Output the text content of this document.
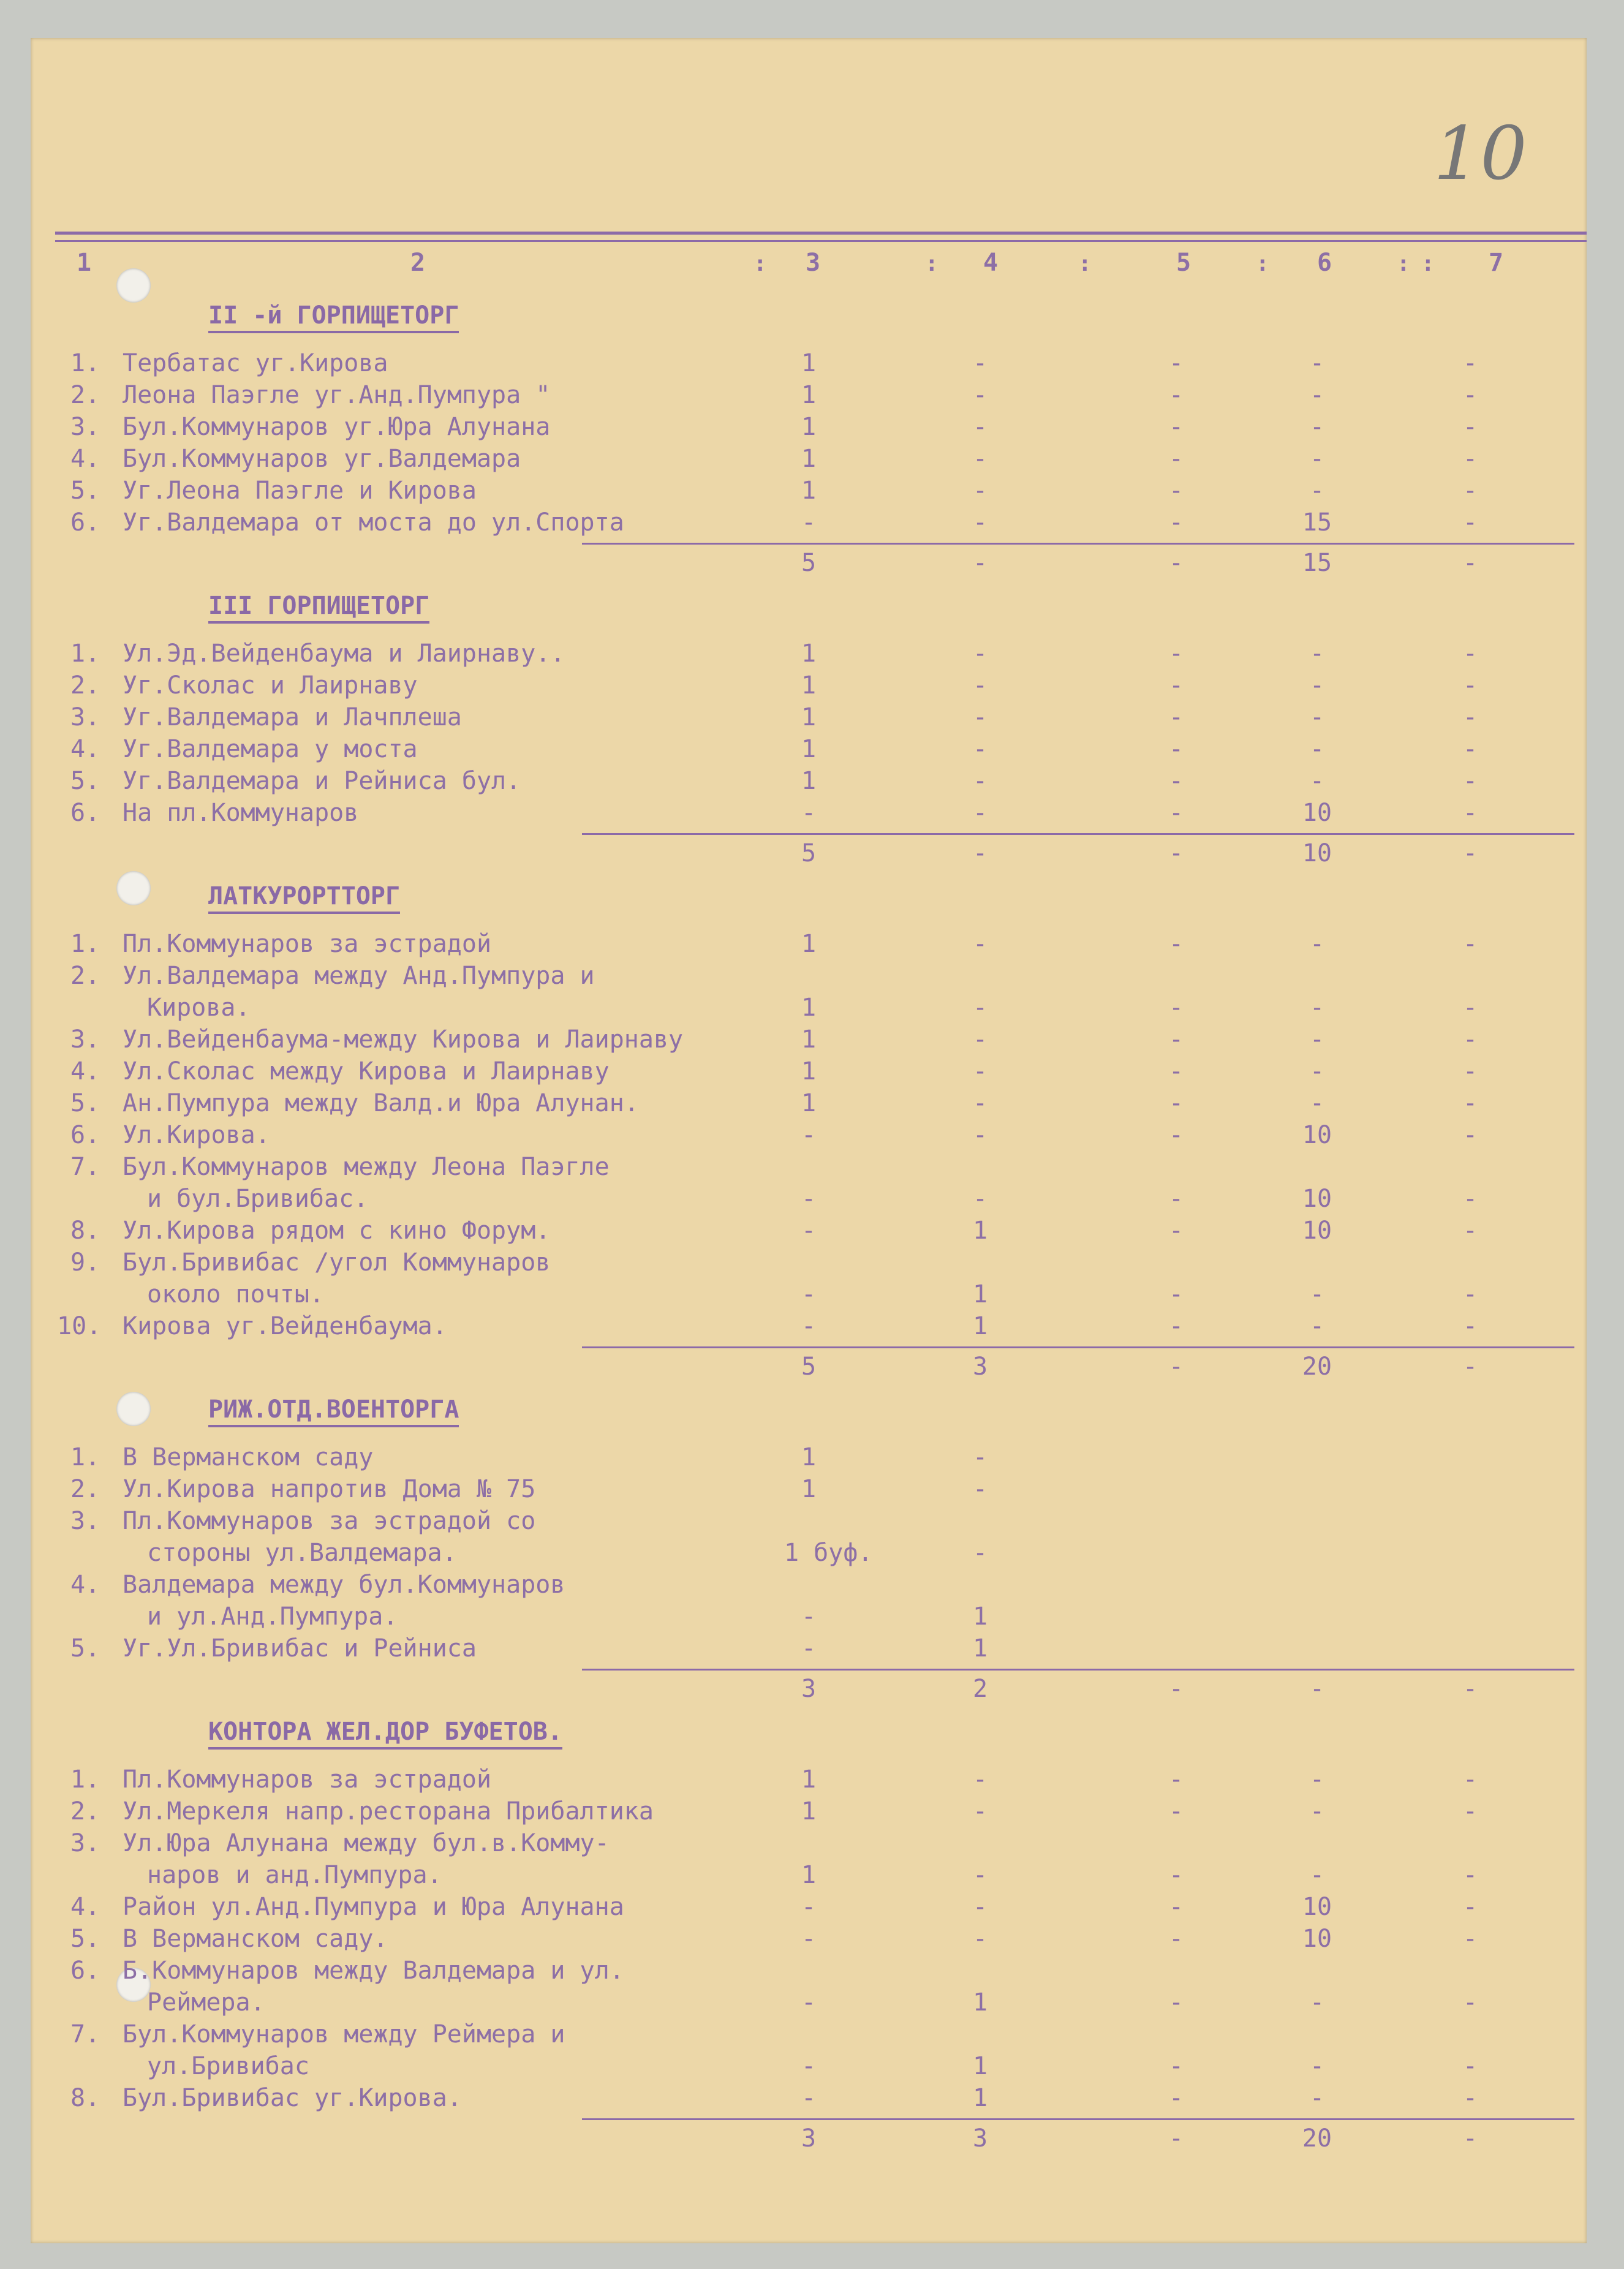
10
1	2	3	4	5	6	7
:	:	:	:	: :
II -й ГОРПИЩЕТОРГ
1. Тербатас уг.Кирова	1	-	-	-	-
2. Леона Паэгле уг.Анд.Пумпура "	1	-	-	-	-
3. Бул.Коммунаров уг.Юра Алунана	1	-	-	-	-
4. Бул.Коммунаров уг.Валдемара	1	-	-	-	-
5. Уг.Леона Паэгле и Кирова	1	-	-	-	-
6. Уг.Валдемара от моста до ул.Спорта	-	-	-	15	-
5	-	-	15	-
III ГОРПИЩЕТОРГ
1. Ул.Эд.Вейденбаума и Лаирнаву..	1	-	-	-	-
2. Уг.Сколас и Лаирнаву	1	-	-	-	-
3. Уг.Валдемара и Лачплеша	1	-	-	-	-
4. Уг.Валдемара у моста	1	-	-	-	-
5. Уг.Валдемара и Рейниса бул.	1	-	-	-	-
6. На пл.Коммунаров	-	-	-	10	-
5	-	-	10	-
ЛАТКУРОРТТОРГ
1. Пл.Коммунаров за эстрадой	1	-	-	-	-
2. Ул.Валдемара между Анд.Пумпура и
Кирова.	1	-	-	-	-
3. Ул.Вейденбаума-между Кирова и Лаирнаву	1	-	-	-	-
4. Ул.Сколас между Кирова и Лаирнаву	1	-	-	-	-
5. Ан.Пумпура между Валд.и Юра Алунан.	1	-	-	-	-
6. Ул.Кирова.	-	-	-	10	-
7. Бул.Коммунаров между Леона Паэгле
и бул.Бривибас.	-	-	-	10	-
8. Ул.Кирова рядом с кино Форум.	-	1	-	10	-
9. Бул.Бривибас /угол Коммунаров
около почты.	-	1	-	-	-
10. Кирова уг.Вейденбаума.	-	1	-	-	-
5	3	-	20	-
РИЖ.ОТД.ВОЕНТОРГА
1. В Верманском саду	1	-
2. Ул.Кирова напротив Дома № 75	1	-
3. Пл.Коммунаров за эстрадой со
стороны ул.Валдемара.	1 буф.	-
4. Валдемара между бул.Коммунаров
и ул.Анд.Пумпура.	-	1
5. Уг.Ул.Бривибас и Рейниса	-	1
3	2	-	-	-
КОНТОРА ЖЕЛ.ДОР БУФЕТОВ.
1. Пл.Коммунаров за эстрадой	1	-	-	-	-
2. Ул.Меркеля напр.ресторана Прибалтика	1	-	-	-	-
3. Ул.Юра Алунана между бул.в.Комму-
наров и анд.Пумпура.	1	-	-	-	-
4. Район ул.Анд.Пумпура и Юра Алунана	-	-	-	10	-
5. В Верманском саду.	-	-	-	10	-
6. Б.Коммунаров между Валдемара и ул.
Реймера.	-	1	-	-	-
7. Бул.Коммунаров между Реймера и
ул.Бривибас	-	1	-	-	-
8. Бул.Бривибас уг.Кирова.	-	1	-	-	-
3	3	-	20	-
